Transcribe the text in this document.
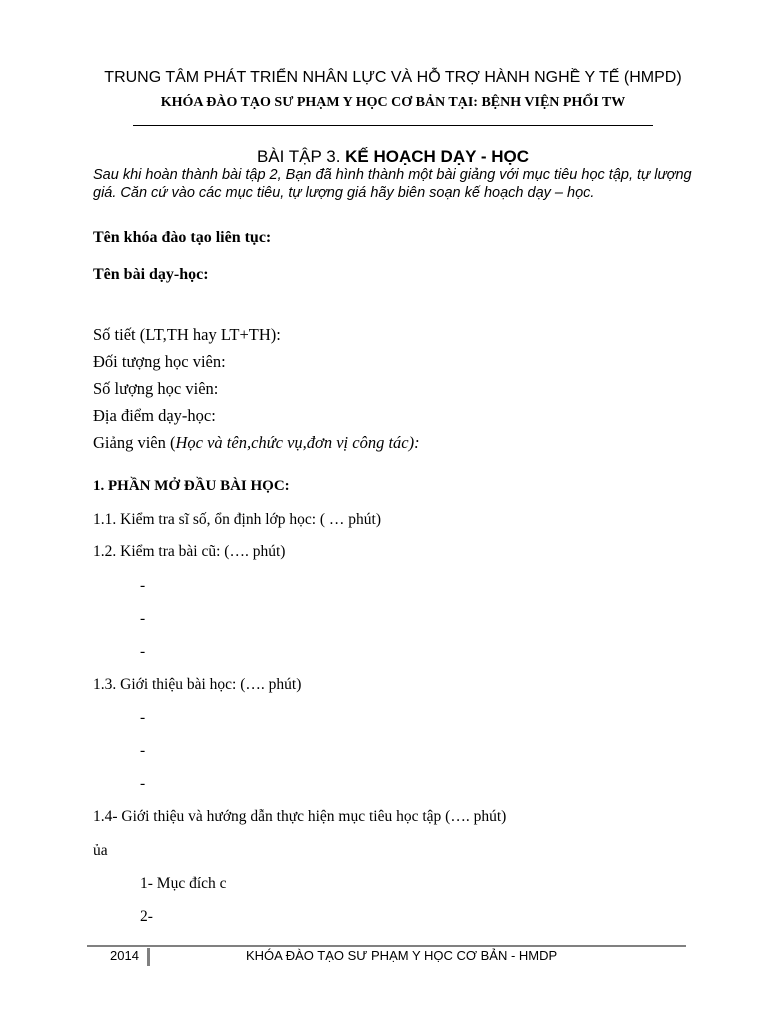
TRUNG TÂM PHÁT TRIỂN NHÂN LỰC VÀ HỖ TRỢ HÀNH NGHỀ Y TẾ (HMPD)
KHÓA ĐÀO TẠO SƯ PHẠM Y HỌC CƠ BẢN TẠI: BỆNH VIỆN PHỔI TW
BÀI TẬP 3. KẾ HOẠCH DẠY - HỌC
Sau khi hoàn thành bài tập 2, Bạn đã hình thành một bài giảng với mục tiêu học tập, tự lượng giá. Căn cứ vào các mục tiêu, tự lượng giá hãy biên soạn kế hoạch dạy – học.
Tên khóa đào tạo liên tục:
Tên bài dạy-học:
Số tiết (LT,TH hay LT+TH):
Đối tượng học viên:
Số lượng học viên:
Địa điểm dạy-học:
Giảng viên (Học và tên,chức vụ,đơn vị công tác):
1. PHẦN MỞ ĐẦU BÀI HỌC:
1.1. Kiểm tra sĩ số, ổn định lớp học: ( … phút)
1.2. Kiểm tra bài cũ: (…. phút)
-
-
-
1.3. Giới thiệu bài học: (…. phút)
-
-
-
1.4- Giới thiệu và hướng dẫn thực hiện mục tiêu học tập (…. phút)
ủa
1- Mục đích c
2-
2014	KHÓA ĐÀO TẠO SƯ PHẠM Y HỌC CƠ BẢN - HMDP
